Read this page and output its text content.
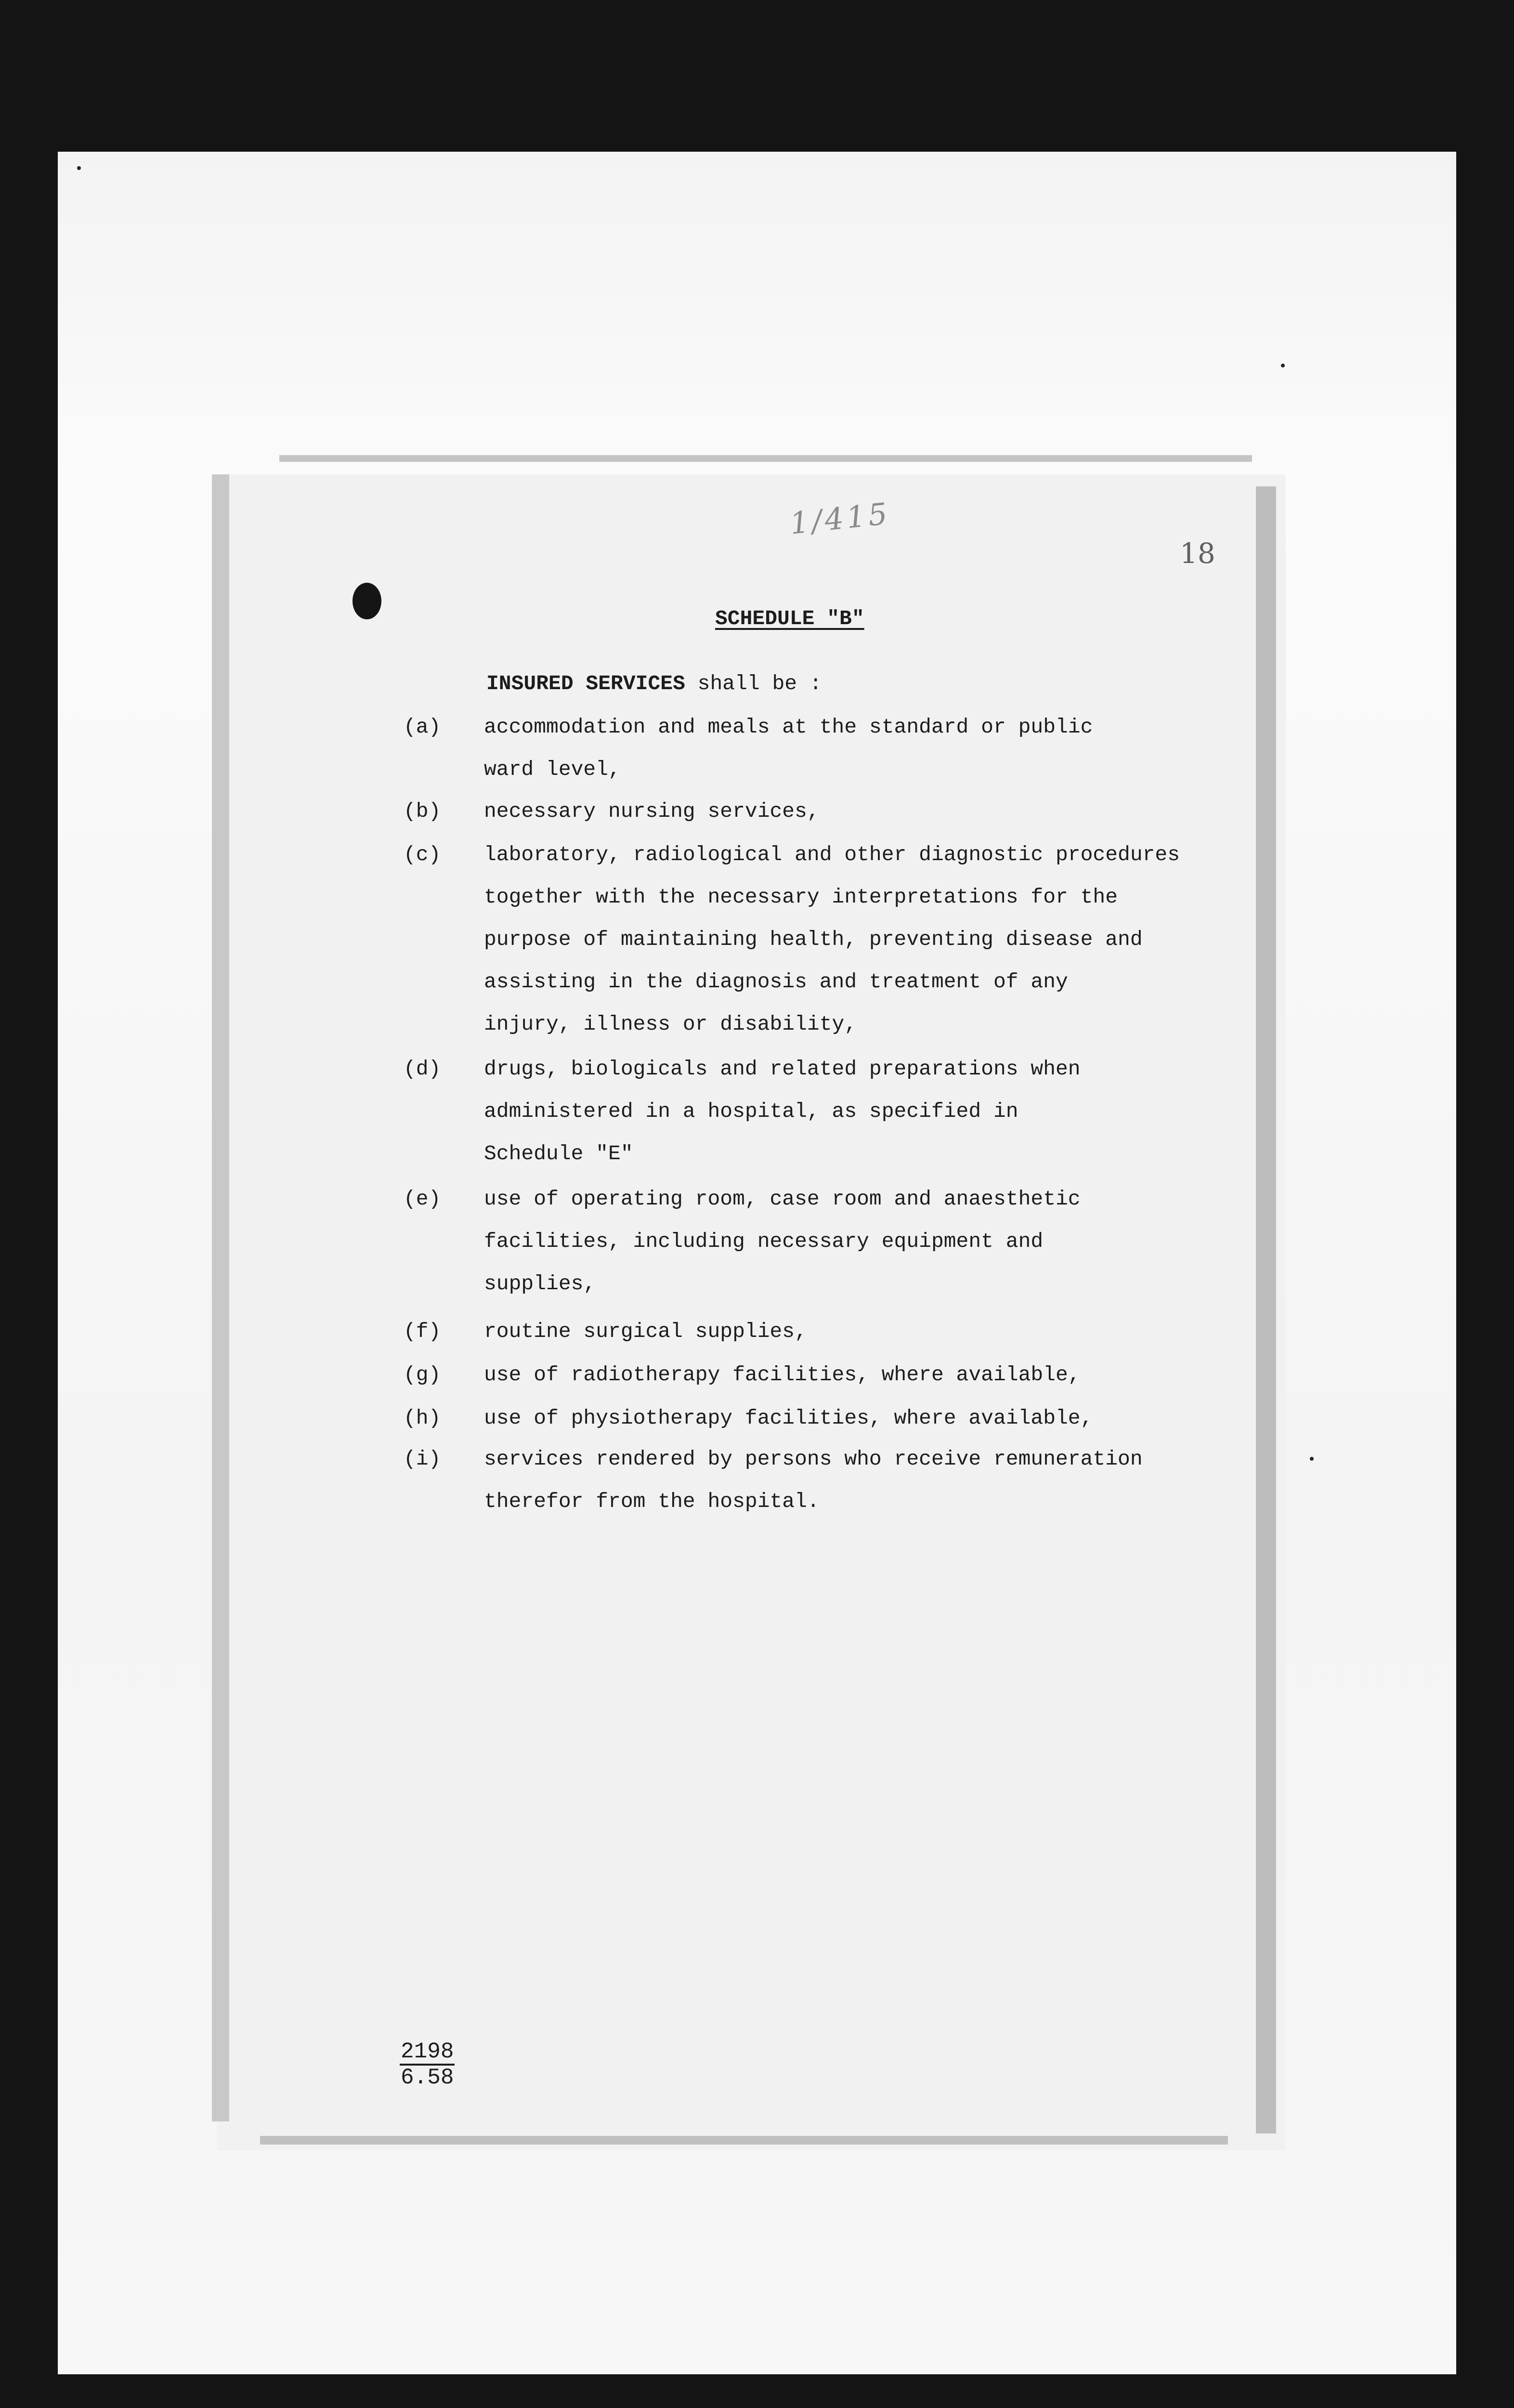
1/415
18
SCHEDULE "B"
INSURED SERVICES shall be :
(a) accommodation and meals at the standard or public
ward level,
(b) necessary nursing services,
(c) laboratory, radiological and other diagnostic procedures
together with the necessary interpretations for the
purpose of maintaining health, preventing disease and
assisting in the diagnosis and treatment of any
injury, illness or disability,
(d) drugs, biologicals and related preparations when
administered in a hospital, as specified in
Schedule "E"
(e) use of operating room, case room and anaesthetic
facilities, including necessary equipment and
supplies,
(f) routine surgical supplies,
(g) use of radiotherapy facilities, where available,
(h) use of physiotherapy facilities, where available,
(i) services rendered by persons who receive remuneration
therefor from the hospital.
2198
6.58
